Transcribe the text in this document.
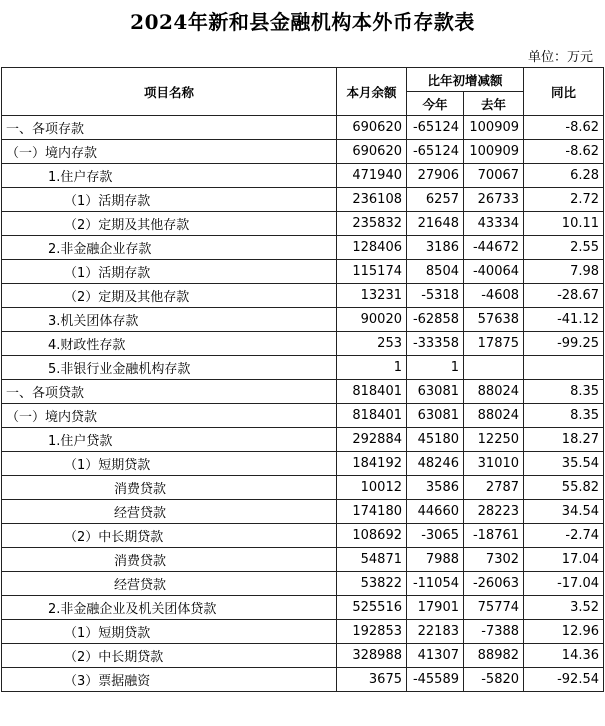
2024年新和县金融机构本外币存款表
单位：万元
项目名称	本月余额	比年初增减额		同比
		今年	去年	
一、各项存款	690620	-65124	100909	-8.62
（一）境内存款	690620	-65124	100909	-8.62
1.住户存款	471940	27906	70067	6.28
（1）活期存款	236108	6257	26733	2.72
（2）定期及其他存款	235832	21648	43334	10.11
2.非金融企业存款	128406	3186	-44672	2.55
（1）活期存款	115174	8504	-40064	7.98
（2）定期及其他存款	13231	-5318	-4608	-28.67
3.机关团体存款	90020	-62858	57638	-41.12
4.财政性存款	253	-33358	17875	-99.25
5.非银行业金融机构存款	1	1		
一、各项贷款	818401	63081	88024	8.35
（一）境内贷款	818401	63081	88024	8.35
1.住户贷款	292884	45180	12250	18.27
（1）短期贷款	184192	48246	31010	35.54
消费贷款	10012	3586	2787	55.82
经营贷款	174180	44660	28223	34.54
（2）中长期贷款	108692	-3065	-18761	-2.74
消费贷款	54871	7988	7302	17.04
经营贷款	53822	-11054	-26063	-17.04
2.非金融企业及机关团体贷款	525516	17901	75774	3.52
（1）短期贷款	192853	22183	-7388	12.96
（2）中长期贷款	328988	41307	88982	14.36
（3）票据融资	3675	-45589	-5820	-92.54
